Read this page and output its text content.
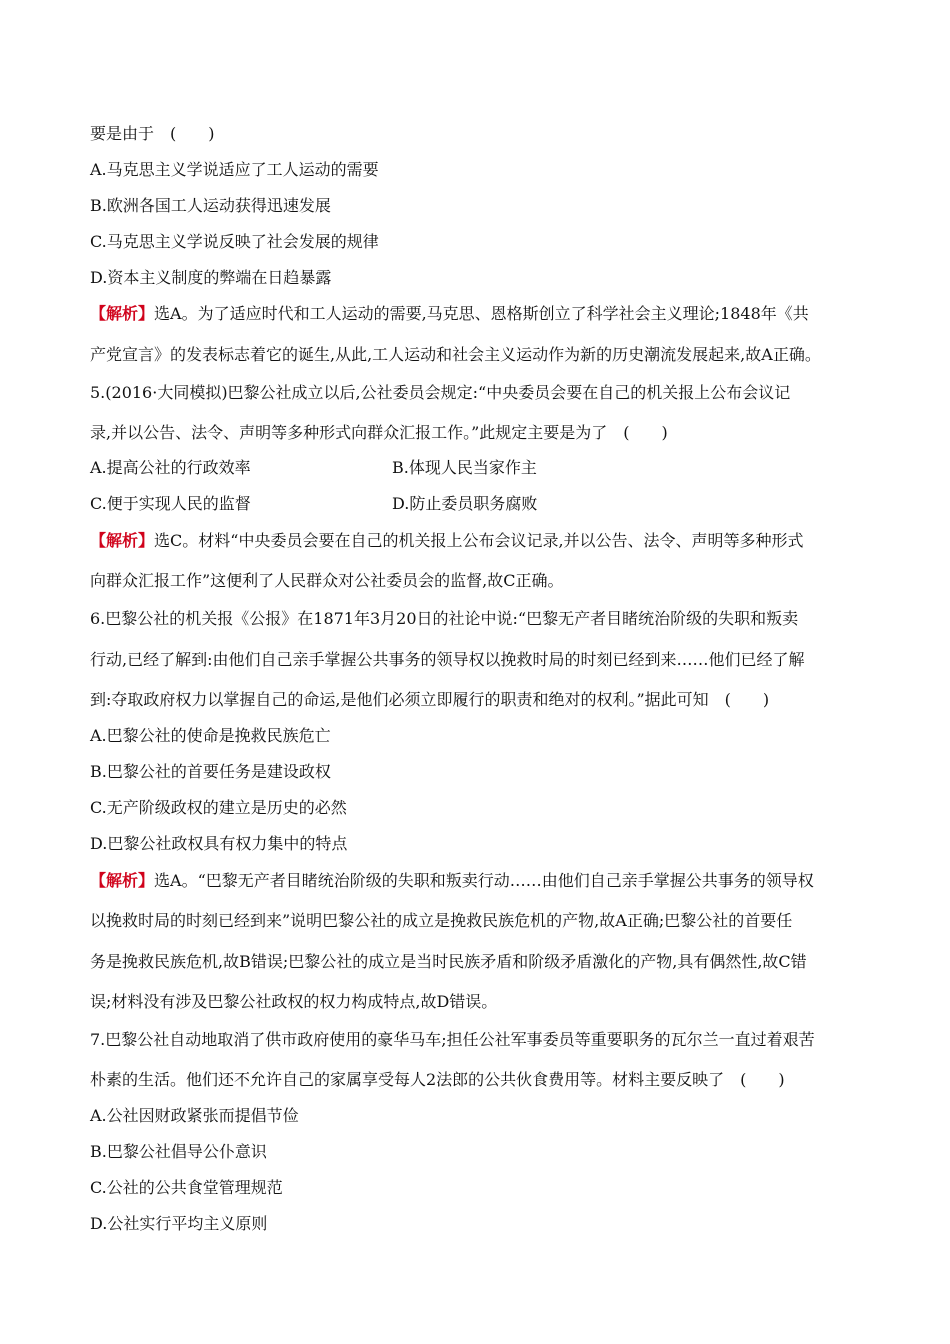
要是由于　(　　)
A.马克思主义学说适应了工人运动的需要
B.欧洲各国工人运动获得迅速发展
C.马克思主义学说反映了社会发展的规律
D.资本主义制度的弊端在日趋暴露
【解析】选A。为了适应时代和工人运动的需要,马克思、恩格斯创立了科学社会主义理论;1848年《共
产党宣言》的发表标志着它的诞生,从此,工人运动和社会主义运动作为新的历史潮流发展起来,故A正确。
5.(2016·大同模拟)巴黎公社成立以后,公社委员会规定:“中央委员会要在自己的机关报上公布会议记
录,并以公告、法令、声明等多种形式向群众汇报工作。”此规定主要是为了　(　　)
A.提高公社的行政效率	B.体现人民当家作主
C.便于实现人民的监督	D.防止委员职务腐败
【解析】选C。材料“中央委员会要在自己的机关报上公布会议记录,并以公告、法令、声明等多种形式
向群众汇报工作”这便利了人民群众对公社委员会的监督,故C正确。
6.巴黎公社的机关报《公报》在1871年3月20日的社论中说:“巴黎无产者目睹统治阶级的失职和叛卖
行动,已经了解到:由他们自己亲手掌握公共事务的领导权以挽救时局的时刻已经到来……他们已经了解
到:夺取政府权力以掌握自己的命运,是他们必须立即履行的职责和绝对的权利。”据此可知　(　　)
A.巴黎公社的使命是挽救民族危亡
B.巴黎公社的首要任务是建设政权
C.无产阶级政权的建立是历史的必然
D.巴黎公社政权具有权力集中的特点
【解析】选A。“巴黎无产者目睹统治阶级的失职和叛卖行动……由他们自己亲手掌握公共事务的领导权
以挽救时局的时刻已经到来”说明巴黎公社的成立是挽救民族危机的产物,故A正确;巴黎公社的首要任
务是挽救民族危机,故B错误;巴黎公社的成立是当时民族矛盾和阶级矛盾激化的产物,具有偶然性,故C错
误;材料没有涉及巴黎公社政权的权力构成特点,故D错误。
7.巴黎公社自动地取消了供市政府使用的豪华马车;担任公社军事委员等重要职务的瓦尔兰一直过着艰苦
朴素的生活。他们还不允许自己的家属享受每人2法郎的公共伙食费用等。材料主要反映了　(　　)
A.公社因财政紧张而提倡节俭
B.巴黎公社倡导公仆意识
C.公社的公共食堂管理规范
D.公社实行平均主义原则
